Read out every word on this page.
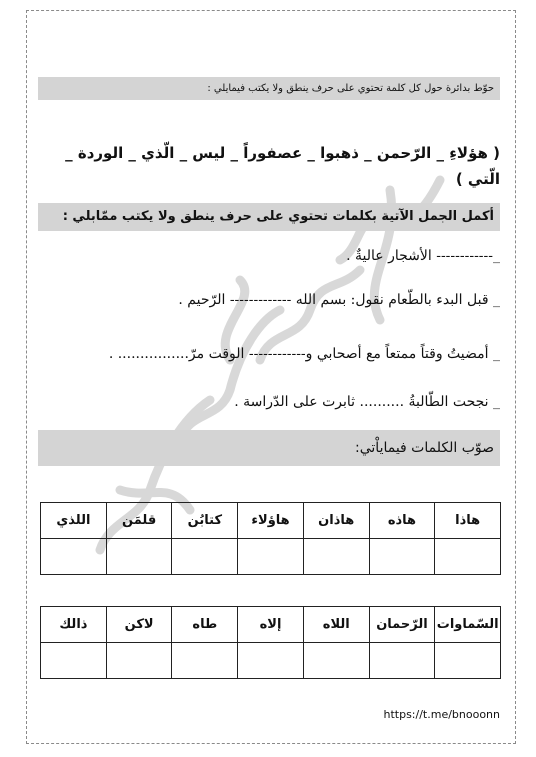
حوّط بدائرة حول كل كلمة تحتوي على حرف ينطق ولا يكتب فيمايلي :
( هؤلاءِ _ الرّحمن _ ذهبوا _ عصفوراً _ ليس _ الّذي _ الوردة _ الّتي )
أكمل الجمل الآتية بكلمات تحتوي على حرف ينطق ولا يكتب ممّابلي :
_------------ الأشجار عاليةٌ .
_ قبل البدء بالطّعام نقول: بسم الله ------------- الرّحيم .
_ أمضيتُ وقتاً ممتعاً مع أصحابي و------------ الوقت مرّ................ .
_ نجحت الطّالبةُ .......... ثابرت على الدّراسة .
صوّب الكلمات فيماياْتي:
هاذا	هاذه	هاذان	هاؤلاء	كتابُن	قلمَن	اللذي

السّماوات	الرّحمان	اللاه	إلاه	طاه	لاكن	ذالك

https://t.me/bnooonn
